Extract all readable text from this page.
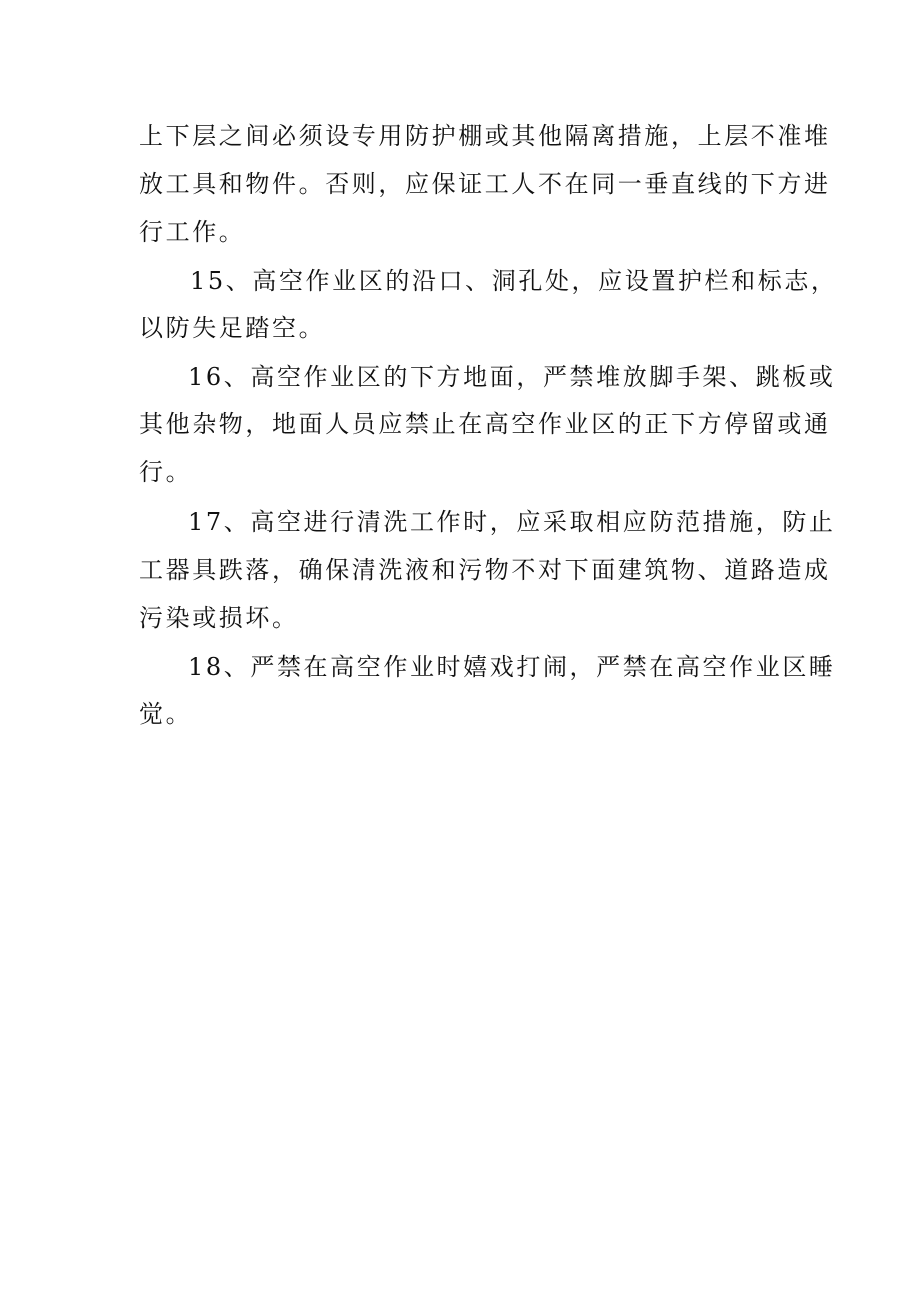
上下层之间必须设专用防护棚或其他隔离措施，上层不准堆
放工具和物件。否则，应保证工人不在同一垂直线的下方进
行工作。
15、高空作业区的沿口、洞孔处，应设置护栏和标志，
以防失足踏空。
16、高空作业区的下方地面，严禁堆放脚手架、跳板或
其他杂物，地面人员应禁止在高空作业区的正下方停留或通
行。
17、高空进行清洗工作时，应采取相应防范措施，防止
工器具跌落，确保清洗液和污物不对下面建筑物、道路造成
污染或损坏。
18、严禁在高空作业时嬉戏打闹，严禁在高空作业区睡
觉。
